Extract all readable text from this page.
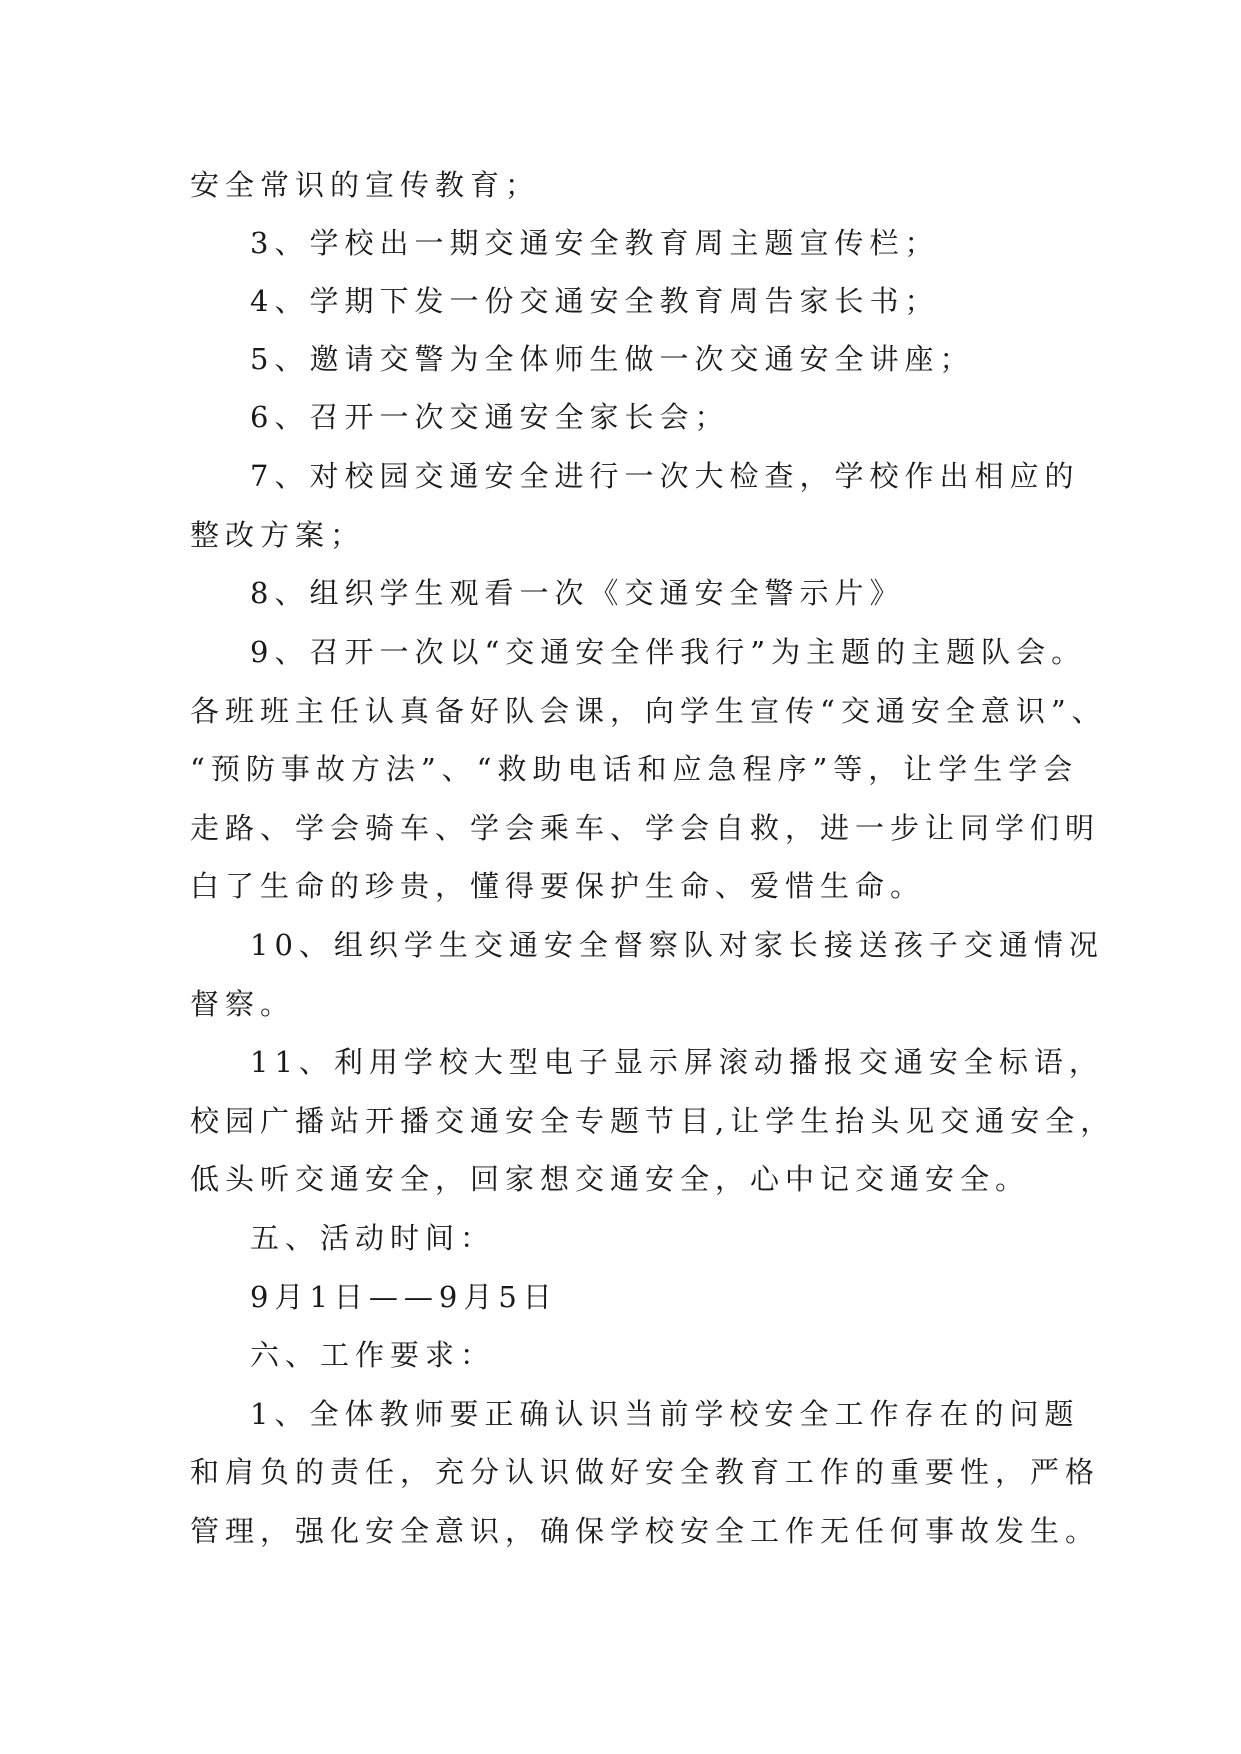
安全常识的宣传教育；
3、学校出一期交通安全教育周主题宣传栏；
4、学期下发一份交通安全教育周告家长书；
5、邀请交警为全体师生做一次交通安全讲座；
6、召开一次交通安全家长会；
7、对校园交通安全进行一次大检查，学校作出相应的
整改方案；
8、组织学生观看一次《交通安全警示片》
9、召开一次以“交通安全伴我行”为主题的主题队会。
各班班主任认真备好队会课，向学生宣传“交通安全意识”、
“预防事故方法”、“救助电话和应急程序”等，让学生学会
走路、学会骑车、学会乘车、学会自救，进一步让同学们明
白了生命的珍贵，懂得要保护生命、爱惜生命。
10、组织学生交通安全督察队对家长接送孩子交通情况
督察。
11、利用学校大型电子显示屏滚动播报交通安全标语，
校园广播站开播交通安全专题节目,让学生抬头见交通安全，
低头听交通安全，回家想交通安全，心中记交通安全。
五、活动时间：
9月1日——9月5日
六、工作要求：
1、全体教师要正确认识当前学校安全工作存在的问题
和肩负的责任，充分认识做好安全教育工作的重要性，严格
管理，强化安全意识，确保学校安全工作无任何事故发生。
